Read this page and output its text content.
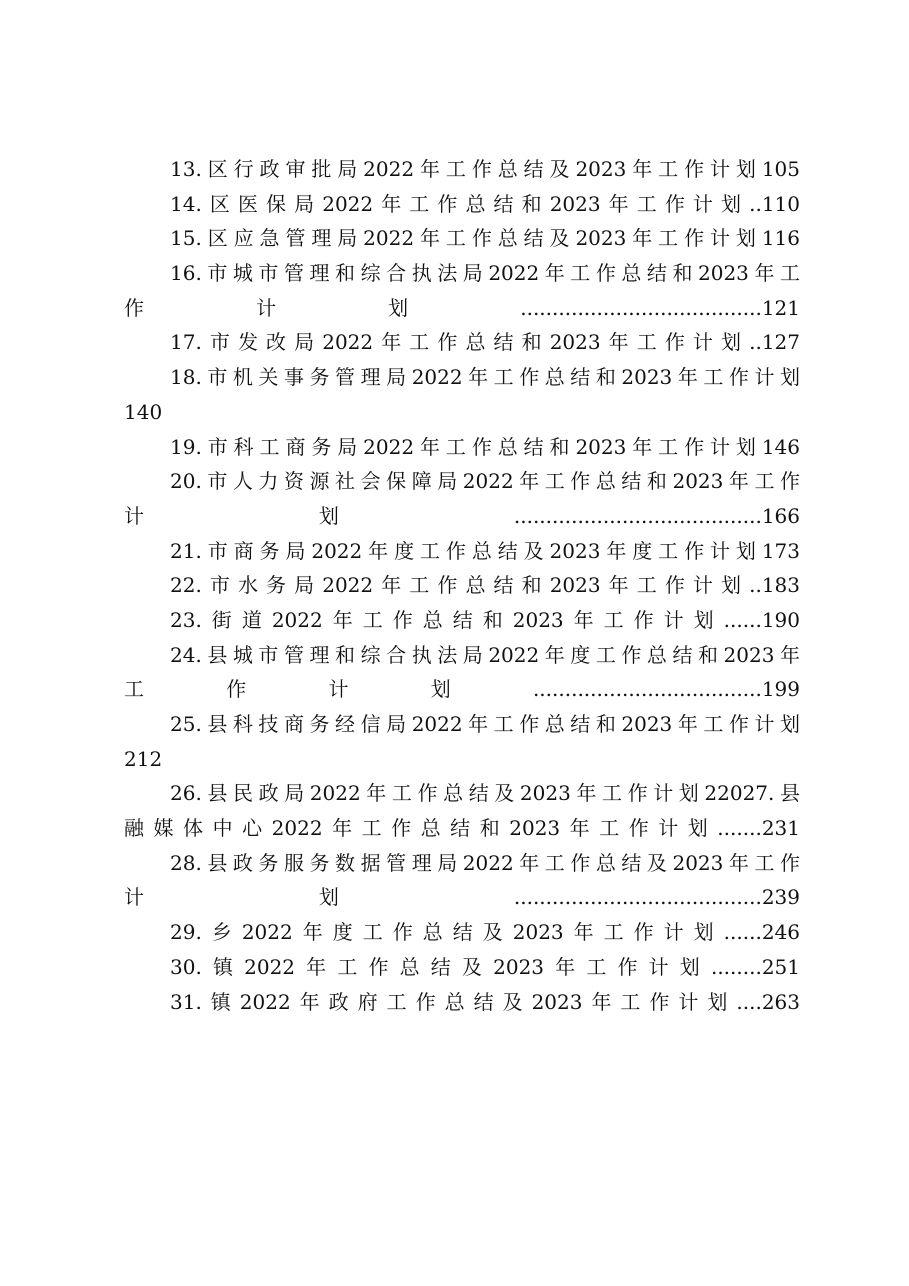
13.区行政审批局2022年工作总结及2023年工作计划105
14.区医保局2022年工作总结和2023年工作计划..110
15.区应急管理局2022年工作总结及2023年工作计划116
16.市城市管理和综合执法局2022年工作总结和2023年工
作计划......................................121
17.市发改局2022年工作总结和2023年工作计划..127
18.市机关事务管理局2022年工作总结和2023年工作计划
140
19.市科工商务局2022年工作总结和2023年工作计划146
20.市人力资源社会保障局2022年工作总结和2023年工作
计划.......................................166
21.市商务局2022年度工作总结及2023年度工作计划173
22.市水务局2022年工作总结和2023年工作计划..183
23.街道2022年工作总结和2023年工作计划......190
24.县城市管理和综合执法局2022年度工作总结和2023年
工作计划....................................199
25.县科技商务经信局2022年工作总结和2023年工作计划
212
26.县民政局2022年工作总结及2023年工作计划22027.县
融媒体中心2022年工作总结和2023年工作计划.......231
28.县政务服务数据管理局2022年工作总结及2023年工作
计划.......................................239
29.乡2022年度工作总结及2023年工作计划......246
30.镇2022年工作总结及2023年工作计划........251
31.镇2022年政府工作总结及2023年工作计划....263
